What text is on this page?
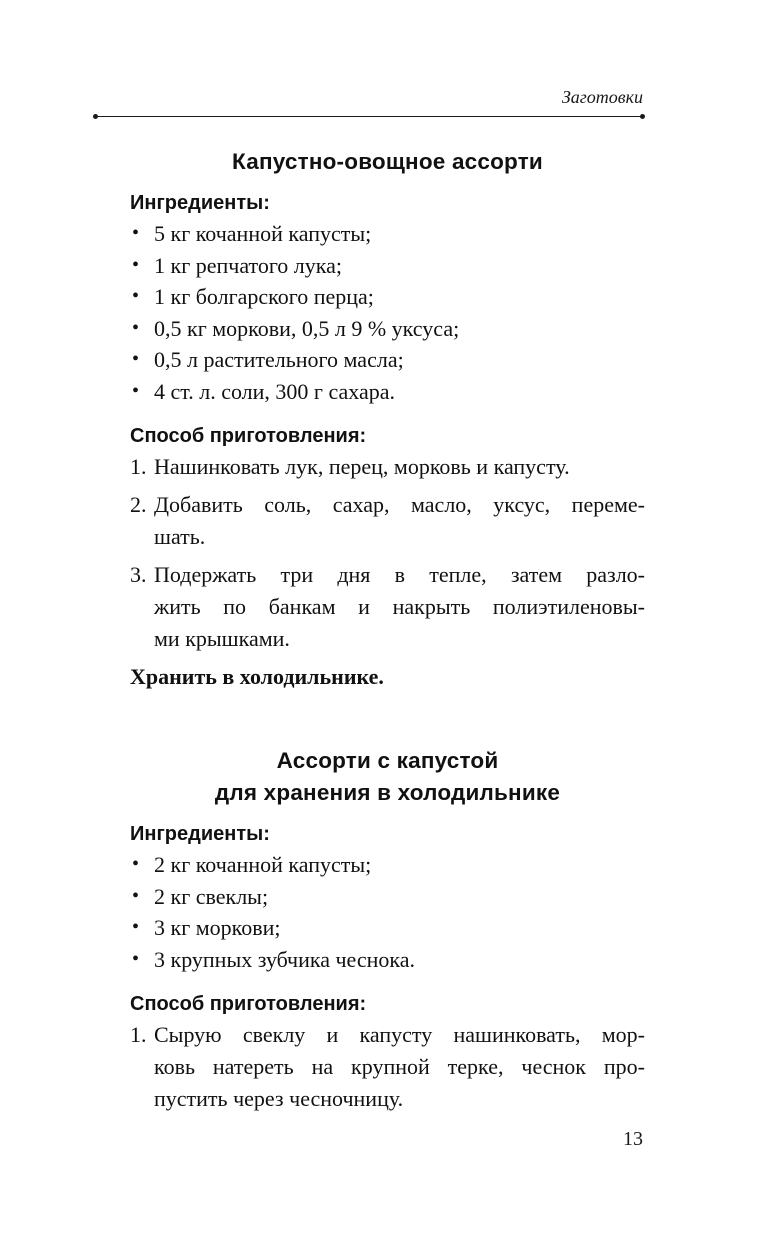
Заготовки
Капустно-овощное ассорти

Ингредиенты:

• 5 кг кочанной капусты;
• 1 кг репчатого лука;
• 1 кг болгарского перца;
• 0,5 кг моркови, 0,5 л 9 % уксуса;
• 0,5 л растительного масла;
• 4 ст. л. соли, 300 г сахара.

Способ приготовления:

1. Нашинковать лук, перец, морковь и капусту.
2. Добавить соль, сахар, масло, уксус, переме-
шать.
3. Подержать три дня в тепле, затем разло-
жить по банкам и накрыть полиэтиленовы-
ми крышками.

Хранить в холодильнике.

Ассорти с капустой
для хранения в холодильнике

Ингредиенты:

• 2 кг кочанной капусты;
• 2 кг свеклы;
• 3 кг моркови;
• 3 крупных зубчика чеснока.

Способ приготовления:

1. Сырую свеклу и капусту нашинковать, мор-
ковь натереть на крупной терке, чеснок про-
пустить через чесночницу.
13
